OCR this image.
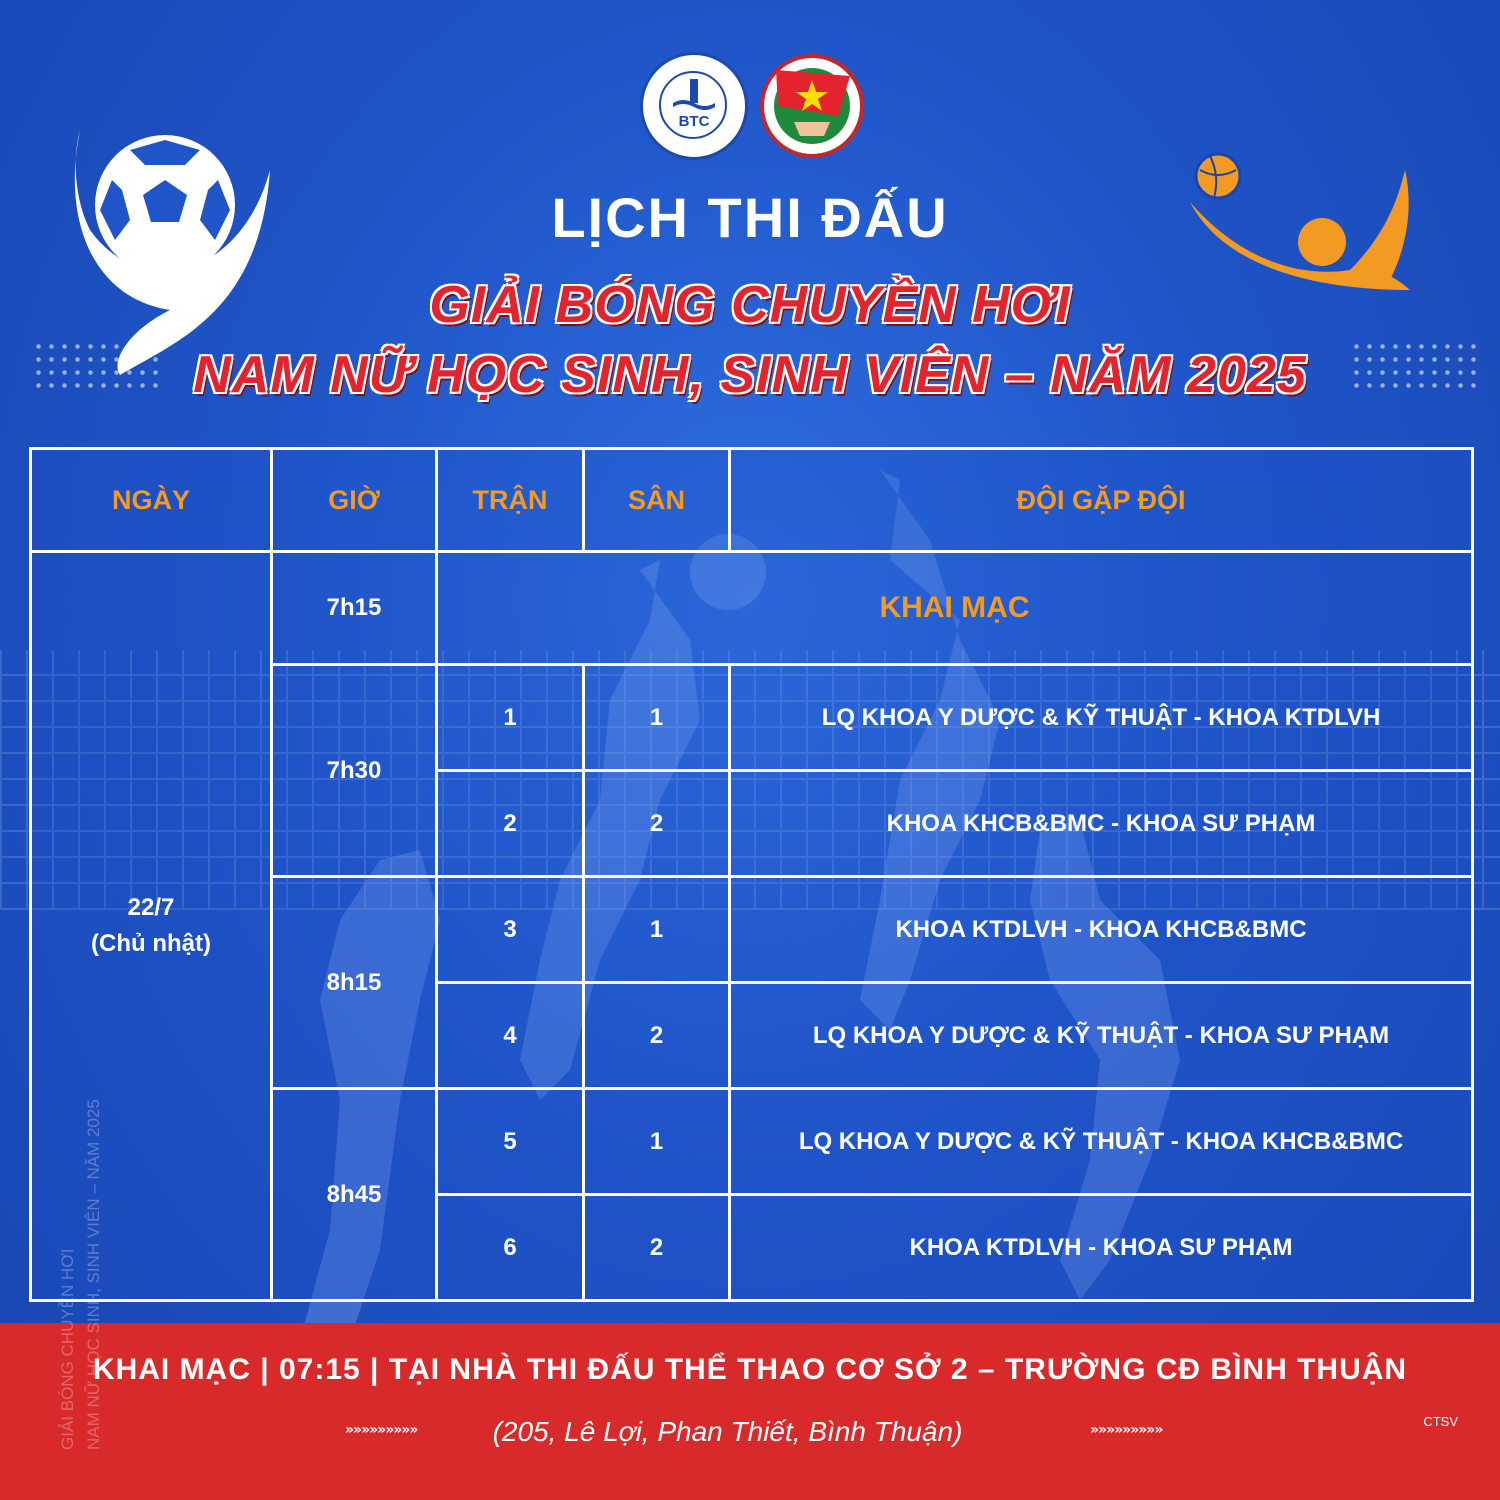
BTC
LỊCH THI ĐẤU
GIẢI BÓNG CHUYỀN HƠI
NAM NỮ HỌC SINH, SINH VIÊN – NĂM 2025
NGÀY	GIỜ	TRẬN	SÂN	ĐỘI GẶP ĐỘI

22/7
(Chủ nhật)	7h15	KHAI MẠC		
	7h30	1	1	LQ KHOA Y DƯỢC & KỸ THUẬT - KHOA KTDLVH
		2	2	KHOA KHCB&BMC - KHOA SƯ PHẠM
	8h15	3	1	KHOA KTDLVH - KHOA KHCB&BMC
		4	2	LQ KHOA Y DƯỢC & KỸ THUẬT - KHOA SƯ PHẠM
	8h45	5	1	LQ KHOA Y DƯỢC & KỸ THUẬT - KHOA KHCB&BMC
		6	2	KHOA KTDLVH - KHOA SƯ PHẠM
KHAI MẠC | 07:15 | TẠI NHÀ THI ĐẤU THỂ THAO CƠ SỞ 2 – TRƯỜNG CĐ BÌNH THUẬN
(205, Lê Lợi, Phan Thiết, Bình Thuận)
»»»»»»»»»	»»»»»»»»»
CTSV
GIẢI BÓNG CHUYỀN HƠI NAM NỮ HỌC SINH, SINH VIÊN – NĂM 2025
